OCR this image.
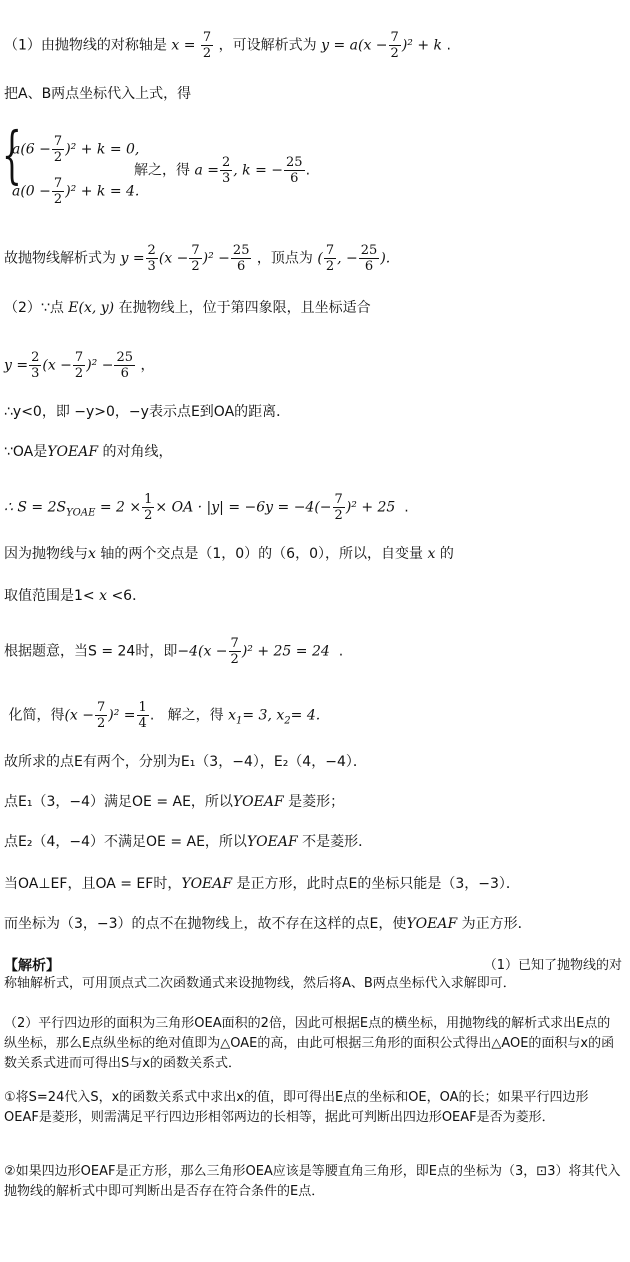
（1）由抛物线的对称轴是 $x = \frac{7}{2}$ ，可设解析式为 $y = a(x - \frac{7}{2} )^2 + k$ .
把A、B两点坐标代入上式，得
{
$a(6 - \frac{7}{2} )^2 + k = 0$,
$a(0 - \frac{7}{2} )^2 + k = 4$.
解之，得 $a = \frac{2}{3}$ , k = − $\frac{25}{6}$ .
故抛物线解析式为 $y = \frac{2}{3} (x - \frac{7}{2} )^2 - \frac{25}{6}$ ，顶点为 ( $\frac{7}{2}$ , − $\frac{25}{6}$ ).
（2）∵点 E(x, y) 在抛物线上，位于第四象限，且坐标适合
$y = \frac{2}{3} (x - \frac{7}{2} )^2 - \frac{25}{6}$ ，
∴y<0，即 −y>0，−y表示点E到OA的距离．
∵OA是YOEAF 的对角线，
∴ $S = 2S_{YOAE} = 2 \times \frac{1}{2}$ × OA · $|y| = -6y = -4(- \frac{7}{2} )^2 + 25$ .
因为抛物线与x 轴的两个交点是（1，0）的（6，0），所以，自变量 x 的
取值范围是1< x <6．
根据题意，当S = 24时，即$-4(x - \frac{7}{2} )^2 + 25 = 24$ .
化简，得$(x - \frac{7}{2} )^2 = \frac{1}{4}$ . 解之，得 $x_1= 3$, $x_2= 4$.
故所求的点E有两个，分别为E₁（3，−4），E₂（4，−4）．
点E₁（3，−4）满足OE = AE，所以YOEAF 是菱形；
点E₂（4，−4）不满足OE = AE，所以YOEAF 不是菱形．
当OA⊥EF，且OA = EF时，YOEAF 是正方形，此时点E的坐标只能是（3，−3）．
而坐标为（3，−3）的点不在抛物线上，故不存在这样的点E，使YOEAF 为正方形．
【解析】	（1）已知了抛物线的对
称轴解析式，可用顶点式二次函数通式来设抛物线，然后将A、B两点坐标代入求解即可．
（2）平行四边形的面积为三角形OEA面积的2倍，因此可根据E点的横坐标，用抛物线的解析式求出E点的纵坐标，那么E点纵坐标的绝对值即为△OAE的高，由此可根据三角形的面积公式得出△AOE的面积与x的函数关系式进而可得出S与x的函数关系式．
①将S=24代入S，x的函数关系式中求出x的值，即可得出E点的坐标和OE，OA的长；如果平行四边形OEAF是菱形，则需满足平行四边形相邻两边的长相等，据此可判断出四边形OEAF是否为菱形．
②如果四边形OEAF是正方形，那么三角形OEA应该是等腰直角三角形，即E点的坐标为（3，⊡3）将其代入抛物线的解析式中即可判断出是否存在符合条件的E点．
